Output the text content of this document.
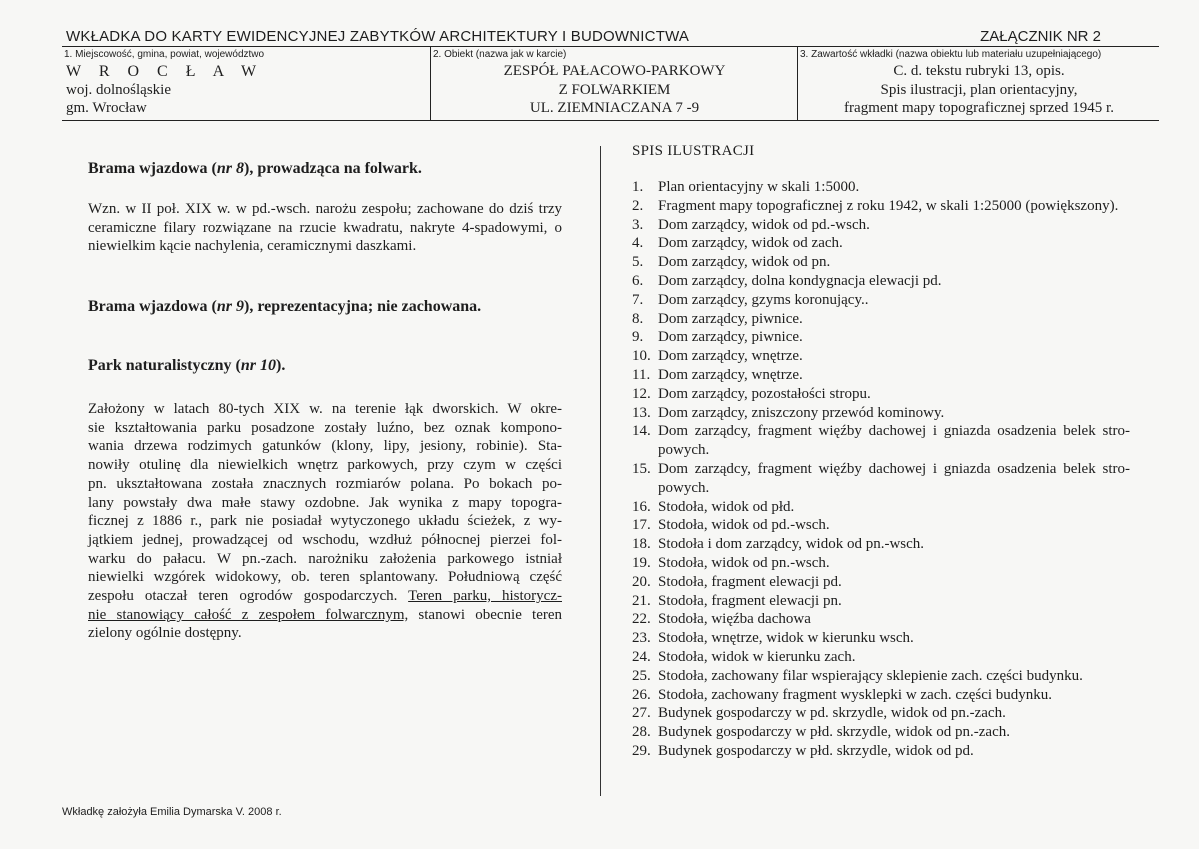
WKŁADKA DO KARTY EWIDENCYJNEJ ZABYTKÓW ARCHITEKTURY I BUDOWNICTWA	ZAŁĄCZNIK NR 2
1. Miejscowość, gmina, powiat, województwo
W R O C Ł A W
woj. dolnośląskie
gm. Wrocław
2. Obiekt (nazwa jak w karcie)
ZESPÓŁ PAŁACOWO-PARKOWY
Z FOLWARKIEM
UL. ZIEMNIACZANA 7 -9
3. Zawartość wkładki (nazwa obiektu lub materiału uzupełniającego)
C. d. tekstu rubryki 13, opis.
Spis ilustracji, plan orientacyjny,
fragment mapy topograficznej sprzed 1945 r.
Brama wjazdowa (nr 8), prowadząca na folwark.
Wzn. w II poł. XIX w. w pd.-wsch. narożu zespołu; zachowane do dziś trzy
ceramiczne filary rozwiązane na rzucie kwadratu, nakryte 4-spadowymi, o
niewielkim kącie nachylenia, ceramicznymi daszkami.
Brama wjazdowa (nr 9), reprezentacyjna; nie zachowana.
Park naturalistyczny (nr 10).
Założony w latach 80-tych XIX w. na terenie łąk dworskich. W okre-
sie kształtowania parku posadzone zostały luźno, bez oznak kompono-
wania drzewa rodzimych gatunków (klony, lipy, jesiony, robinie). Sta-
nowiły otulinę dla niewielkich wnętrz parkowych, przy czym w części
pn. ukształtowana została znacznych rozmiarów polana. Po bokach po-
lany powstały dwa małe stawy ozdobne. Jak wynika z mapy topogra-
ficznej z 1886 r., park nie posiadał wytyczonego układu ścieżek, z wy-
jątkiem jednej, prowadzącej od wschodu, wzdłuż północnej pierzei fol-
warku do pałacu. W pn.-zach. narożniku założenia parkowego istniał
niewielki wzgórek widokowy, ob. teren splantowany. Południową część
zespołu otaczał teren ogrodów gospodarczych. Teren parku, historycz-
nie stanowiący całość z zespołem folwarcznym, stanowi obecnie teren
zielony ogólnie dostępny.
SPIS ILUSTRACJI
1. Plan orientacyjny w skali 1:5000.
2. Fragment mapy topograficznej z roku 1942, w skali 1:25000 (powiększony).
3. Dom zarządcy, widok od pd.-wsch.
4. Dom zarządcy, widok od zach.
5. Dom zarządcy, widok od pn.
6. Dom zarządcy, dolna kondygnacja elewacji pd.
7. Dom zarządcy, gzyms koronujący..
8. Dom zarządcy, piwnice.
9. Dom zarządcy, piwnice.
10. Dom zarządcy, wnętrze.
11. Dom zarządcy, wnętrze.
12. Dom zarządcy, pozostałości stropu.
13. Dom zarządcy, zniszczony przewód kominowy.
14. Dom zarządcy, fragment więźby dachowej i gniazda osadzenia belek stro-
powych.
15. Dom zarządcy, fragment więźby dachowej i gniazda osadzenia belek stro-
powych.
16. Stodoła, widok od płd.
17. Stodoła, widok od pd.-wsch.
18. Stodoła i dom zarządcy, widok od pn.-wsch.
19. Stodoła, widok od pn.-wsch.
20. Stodoła, fragment elewacji pd.
21. Stodoła, fragment elewacji pn.
22. Stodoła, więźba dachowa
23. Stodoła, wnętrze, widok w kierunku wsch.
24. Stodoła, widok w kierunku zach.
25. Stodoła, zachowany filar wspierający sklepienie zach. części budynku.
26. Stodoła, zachowany fragment wysklepki w zach. części budynku.
27. Budynek gospodarczy w pd. skrzydle, widok od pn.-zach.
28. Budynek gospodarczy w płd. skrzydle, widok od pn.-zach.
29. Budynek gospodarczy w płd. skrzydle, widok od pd.
Wkładkę założyła Emilia Dymarska V. 2008 r.
